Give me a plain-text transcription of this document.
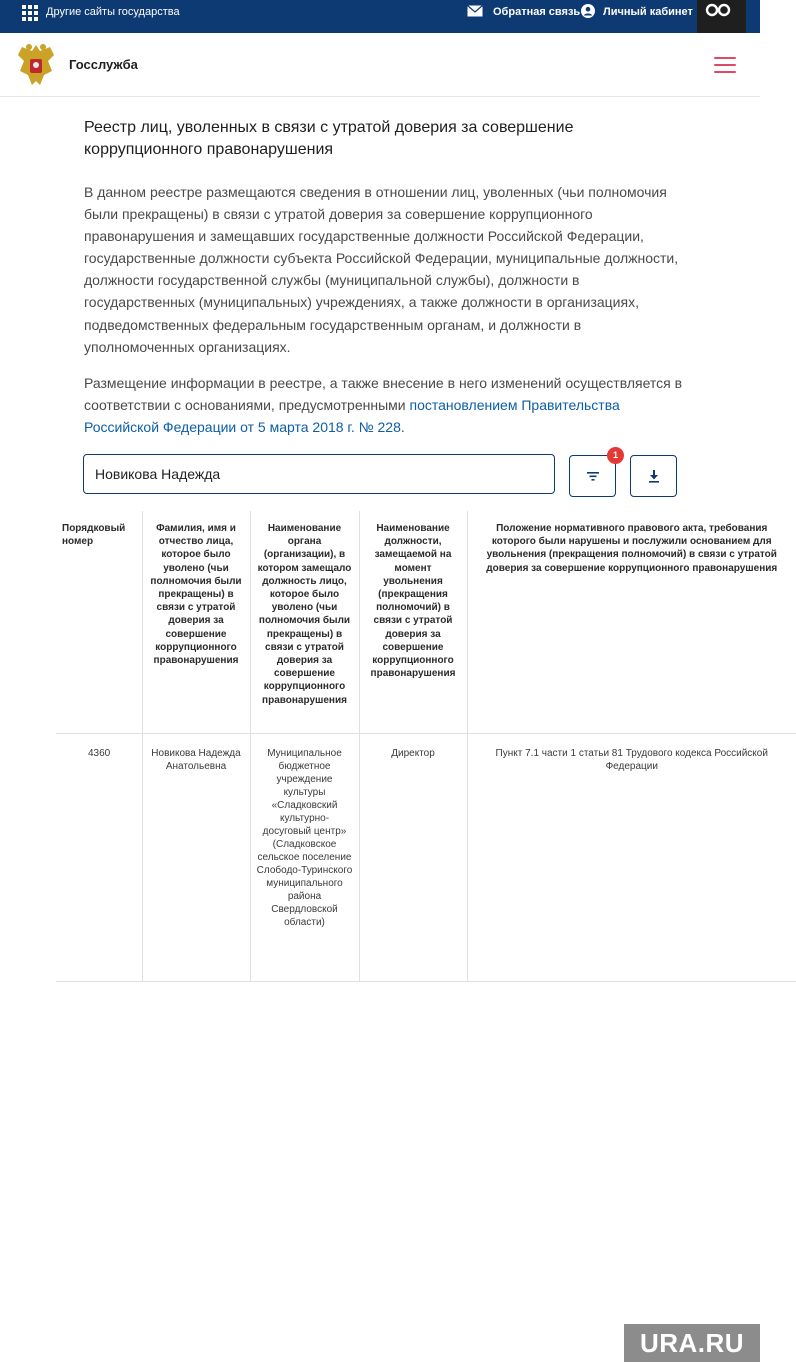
Другие сайты государства	Обратная связь Личный кабинет
Госслужба
Реестр лиц, уволенных в связи с утратой доверия за совершение коррупционного правонарушения

В данном реестре размещаются сведения в отношении лиц, уволенных (чьи полномочия были прекращены) в связи с утратой доверия за совершение коррупционного правонарушения и замещавших государственные должности Российской Федерации, государственные должности субъекта Российской Федерации, муниципальные должности, должности государственной службы (муниципальной службы), должности в государственных (муниципальных) учреждениях, а также должности в организациях, подведомственных федеральным государственным органам, и должности в уполномоченных организациях.

Размещение информации в реестре, а также внесение в него изменений осуществляется в соответствии с основаниями, предусмотренными постановлением Правительства Российской Федерации от 5 марта 2018 г. № 228.

Новикова Надежда
1
Порядковый номер	Фамилия, имя и отчество лица, которое было уволено (чьи полномочия были прекращены) в связи с утратой доверия за совершение коррупционного правонарушения	Наименование органа (организации), в котором замещало должность лицо, которое было уволено (чьи полномочия были прекращены) в связи с утратой доверия за совершение коррупционного правонарушения	Наименование должности, замещаемой на момент увольнения (прекращения полномочий) в связи с утратой доверия за совершение коррупционного правонарушения	Положение нормативного правового акта, требования которого были нарушены и послужили основанием для увольнения (прекращения полномочий) в связи с утратой доверия за совершение коррупционного правонарушения
4360	Новикова Надежда Анатольевна	Муниципальное бюджетное учреждение культуры «Сладковский культурно-досуговый центр» (Сладковское сельское поселение Слободо-Туринского муниципального района Свердловской области)	Директор	Пункт 7.1 части 1 статьи 81 Трудового кодекса Российской Федерации
URA.RU
